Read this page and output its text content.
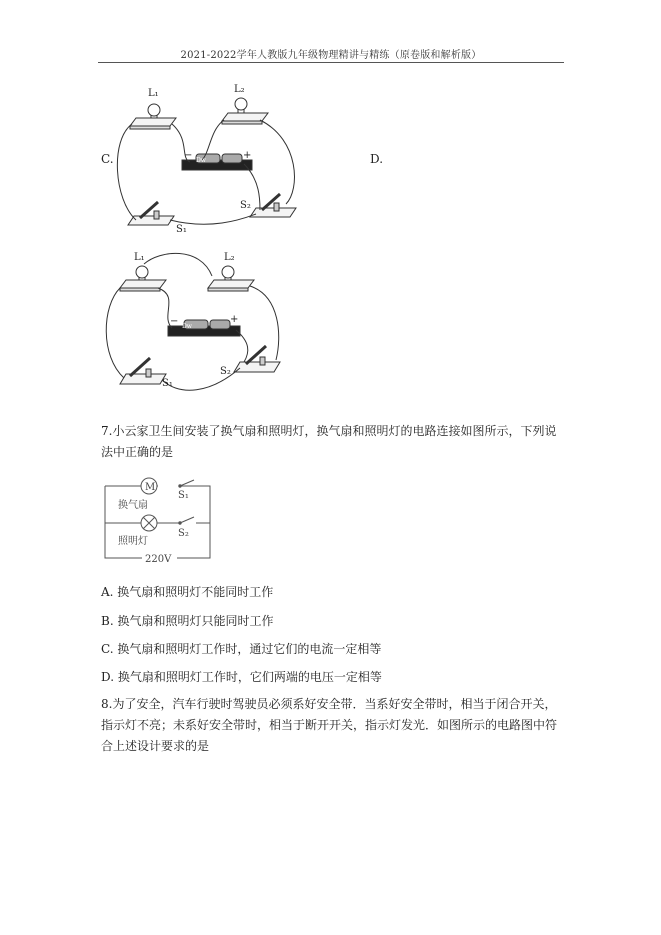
2021-2022学年人教版九年级物理精讲与精练（原卷版和解析版）
C.	D.
L₁	L₂
−	+
S₁
S₂
Dw
L₁	L₂
−	+
S₁
S₂
Dw
7.小云家卫生间安装了换气扇和照明灯，换气扇和照明灯的电路连接如图所示，下列说法中正确的是
M
换气扇
照明灯
S₁
S₂
220V
A. 换气扇和照明灯不能同时工作
B. 换气扇和照明灯只能同时工作
C. 换气扇和照明灯工作时，通过它们的电流一定相等
D. 换气扇和照明灯工作时，它们两端的电压一定相等
8.为了安全，汽车行驶时驾驶员必须系好安全带．当系好安全带时，相当于闭合开关，指示灯不亮；未系好安全带时，相当于断开开关，指示灯发光．如图所示的电路图中符合上述设计要求的是
